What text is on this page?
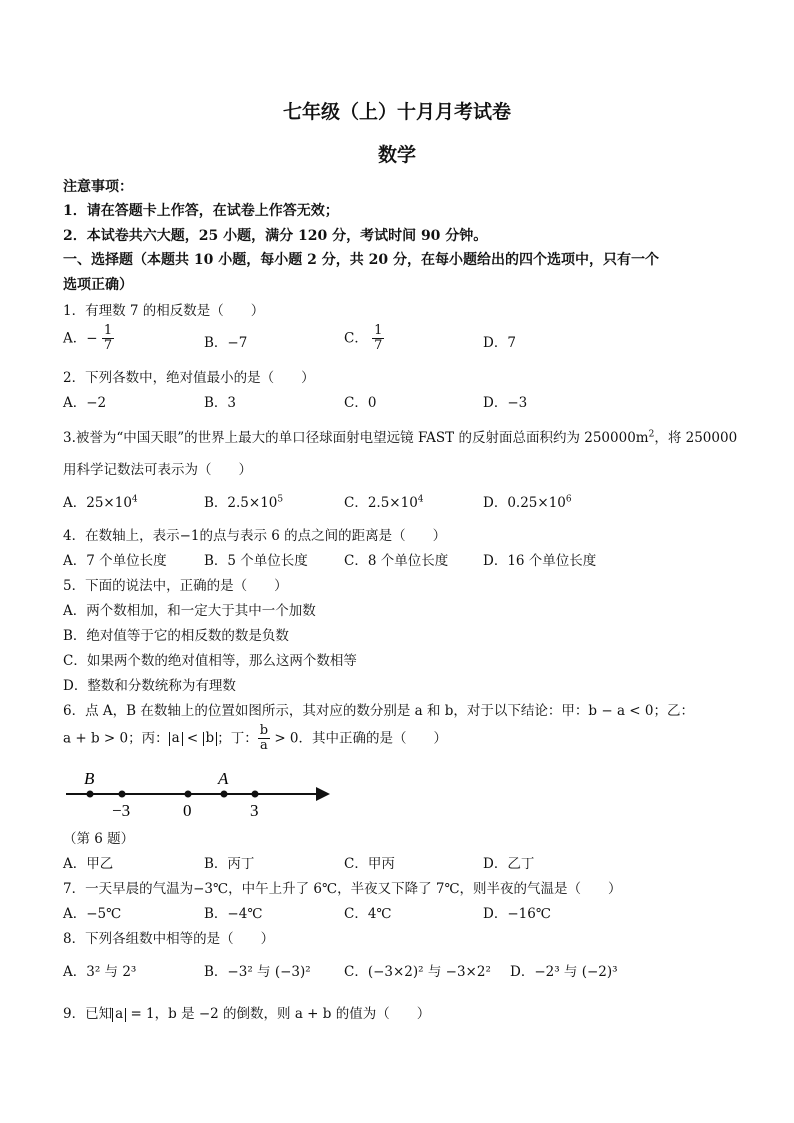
七年级（上）十月月考试卷
数学
注意事项：
1．请在答题卡上作答，在试卷上作答无效；
2．本试卷共六大题，25 小题，满分 120 分，考试时间 90 分钟。
一、选择题（本题共 10 小题，每小题 2 分，共 20 分，在每小题给出的四个选项中，只有一个
选项正确）
1．有理数 7 的相反数是（　　）
A．− $\frac{1}{7}$	B．−7	C． $\frac{1}{7}$	D．7
2．下列各数中，绝对值最小的是（　　）
A．−2	B．3	C．0	D．−3
3.被誉为“中国天眼”的世界上最大的单口径球面射电望远镜 FAST 的反射面总面积约为 $250000m^2$，将 250000
用科学记数法可表示为（　　）
A．$25\times 10^4$	B．$2.5\times 10^5$	C．$2.5\times 10^4$	D．$0.25\times 10^6$
4．在数轴上，表示−1的点与表示 6 的点之间的距离是（　　）
A．7 个单位长度	B．5 个单位长度	C．8 个单位长度	D．16 个单位长度
5．下面的说法中，正确的是（　　）
A．两个数相加，和一定大于其中一个加数
B．绝对值等于它的相反数的数是负数
C．如果两个数的绝对值相等，那么这两个数相等
D．整数和分数统称为有理数
6．点 A，B 在数轴上的位置如图所示，其对应的数分别是 a 和 b，对于以下结论：甲：b − a < 0；乙：
a + b > 0；丙： a < b ；丁： $\frac{b}{a} > 0$．其中正确的是（　　）
B	A
−3	0	3
（第 6 题）
A．甲乙	B．丙丁	C．甲丙	D．乙丁
7．一天早晨的气温为−3℃，中午上升了 6℃，半夜又下降了 7℃，则半夜的气温是（　　）
A．−5℃	B．−4℃	C．4℃	D．−16℃
8．下列各组数中相等的是（　　）
A．3² 与 2³	B．−3² 与 (−3)² C．(−3×2)² 与 −3×2² D．−2³ 与 (−2)³
9．已知 a = 1，b 是 −2 的倒数，则 a + b 的值为（　　）
